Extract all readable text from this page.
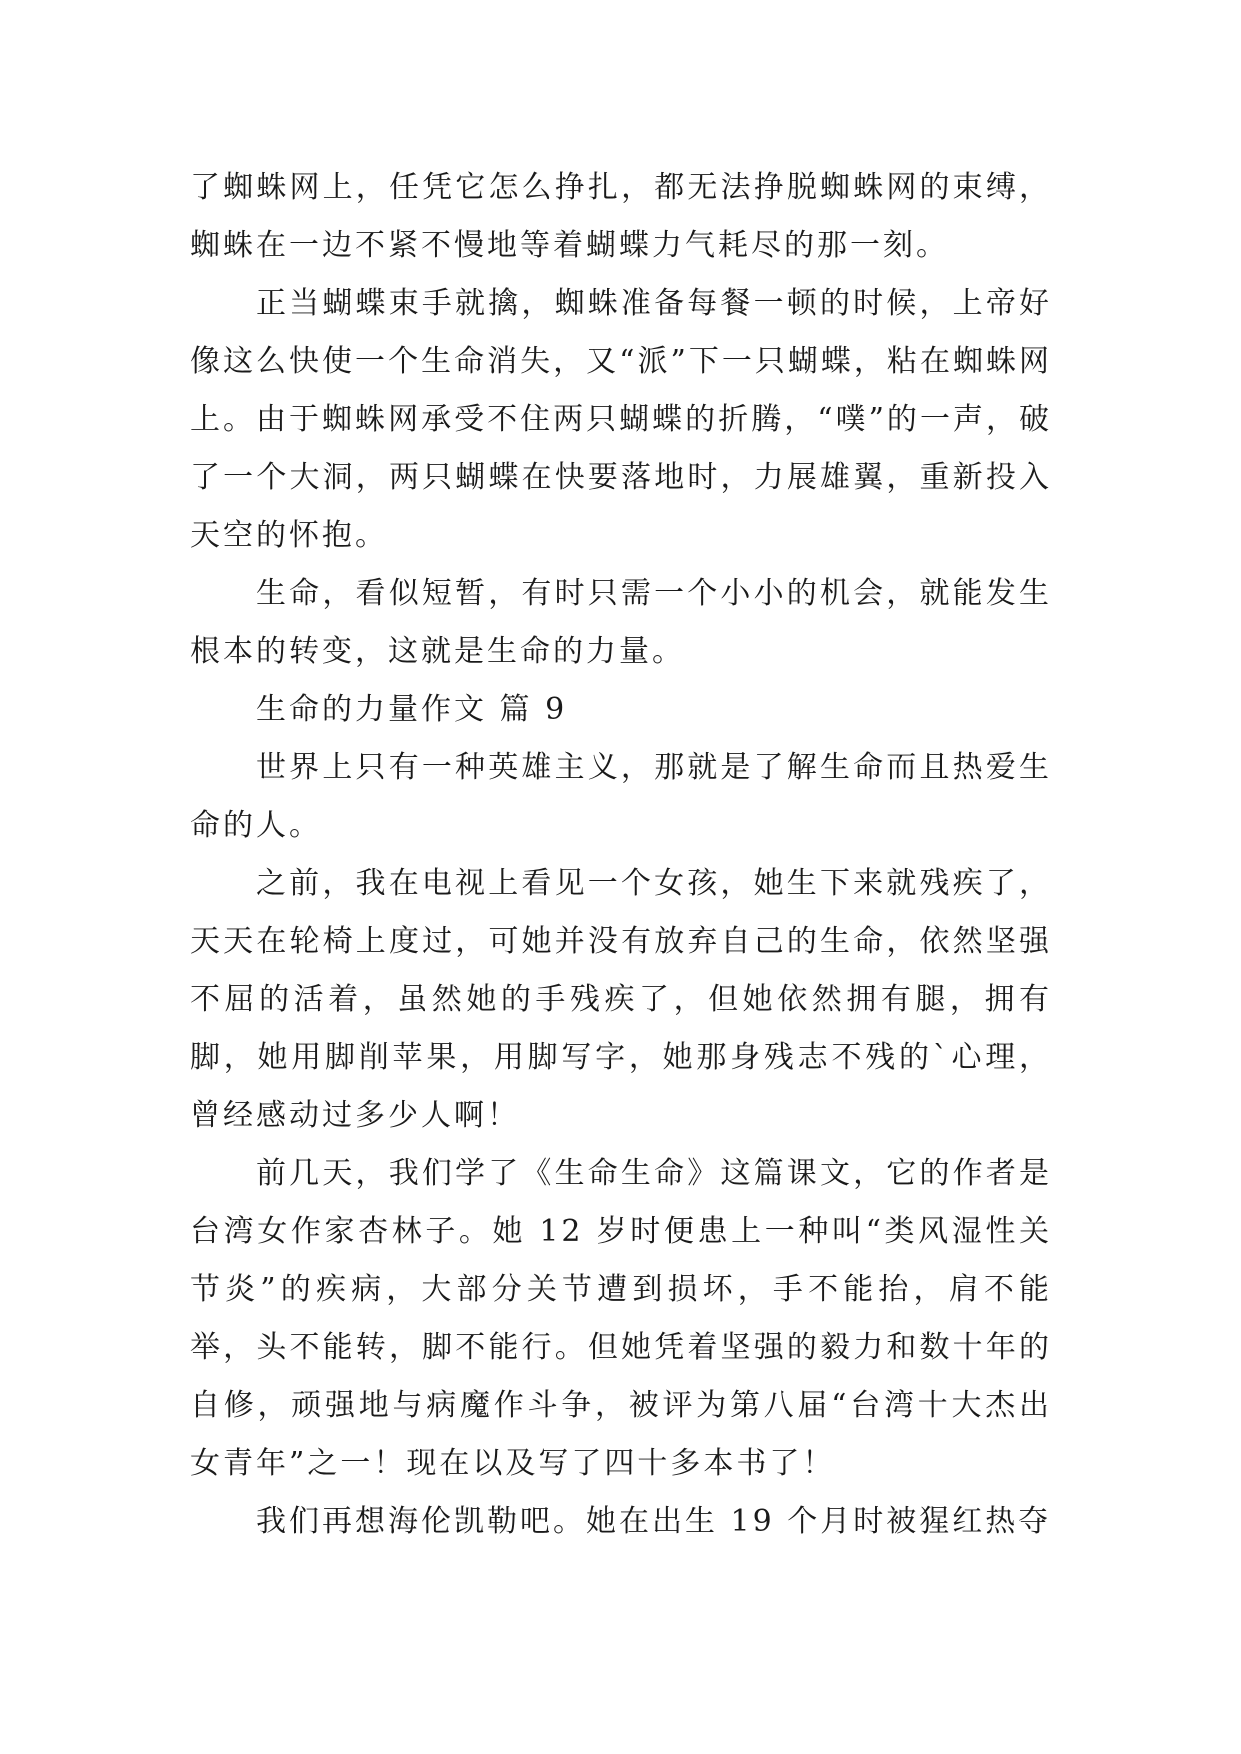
了蜘蛛网上，任凭它怎么挣扎，都无法挣脱蜘蛛网的束缚，蜘蛛在一边不紧不慢地等着蝴蝶力气耗尽的那一刻。

正当蝴蝶束手就擒，蜘蛛准备每餐一顿的时候，上帝好像这么快使一个生命消失，又“派”下一只蝴蝶，粘在蜘蛛网上。由于蜘蛛网承受不住两只蝴蝶的折腾，“噗”的一声，破了一个大洞，两只蝴蝶在快要落地时，力展雄翼，重新投入天空的怀抱。

生命，看似短暂，有时只需一个小小的机会，就能发生根本的转变，这就是生命的力量。

生命的力量作文 篇 9

世界上只有一种英雄主义，那就是了解生命而且热爱生命的人。

之前，我在电视上看见一个女孩，她生下来就残疾了，天天在轮椅上度过，可她并没有放弃自己的生命，依然坚强不屈的活着，虽然她的手残疾了，但她依然拥有腿，拥有脚，她用脚削苹果，用脚写字，她那身残志不残的`心理，曾经感动过多少人啊！

前几天，我们学了《生命生命》这篇课文，它的作者是台湾女作家杏林子。她 12 岁时便患上一种叫“类风湿性关节炎”的疾病，大部分关节遭到损坏，手不能抬，肩不能举，头不能转，脚不能行。但她凭着坚强的毅力和数十年的自修，顽强地与病魔作斗争，被评为第八届“台湾十大杰出女青年”之一！现在以及写了四十多本书了！

我们再想海伦凯勒吧。她在出生 19 个月时被猩红热夺
